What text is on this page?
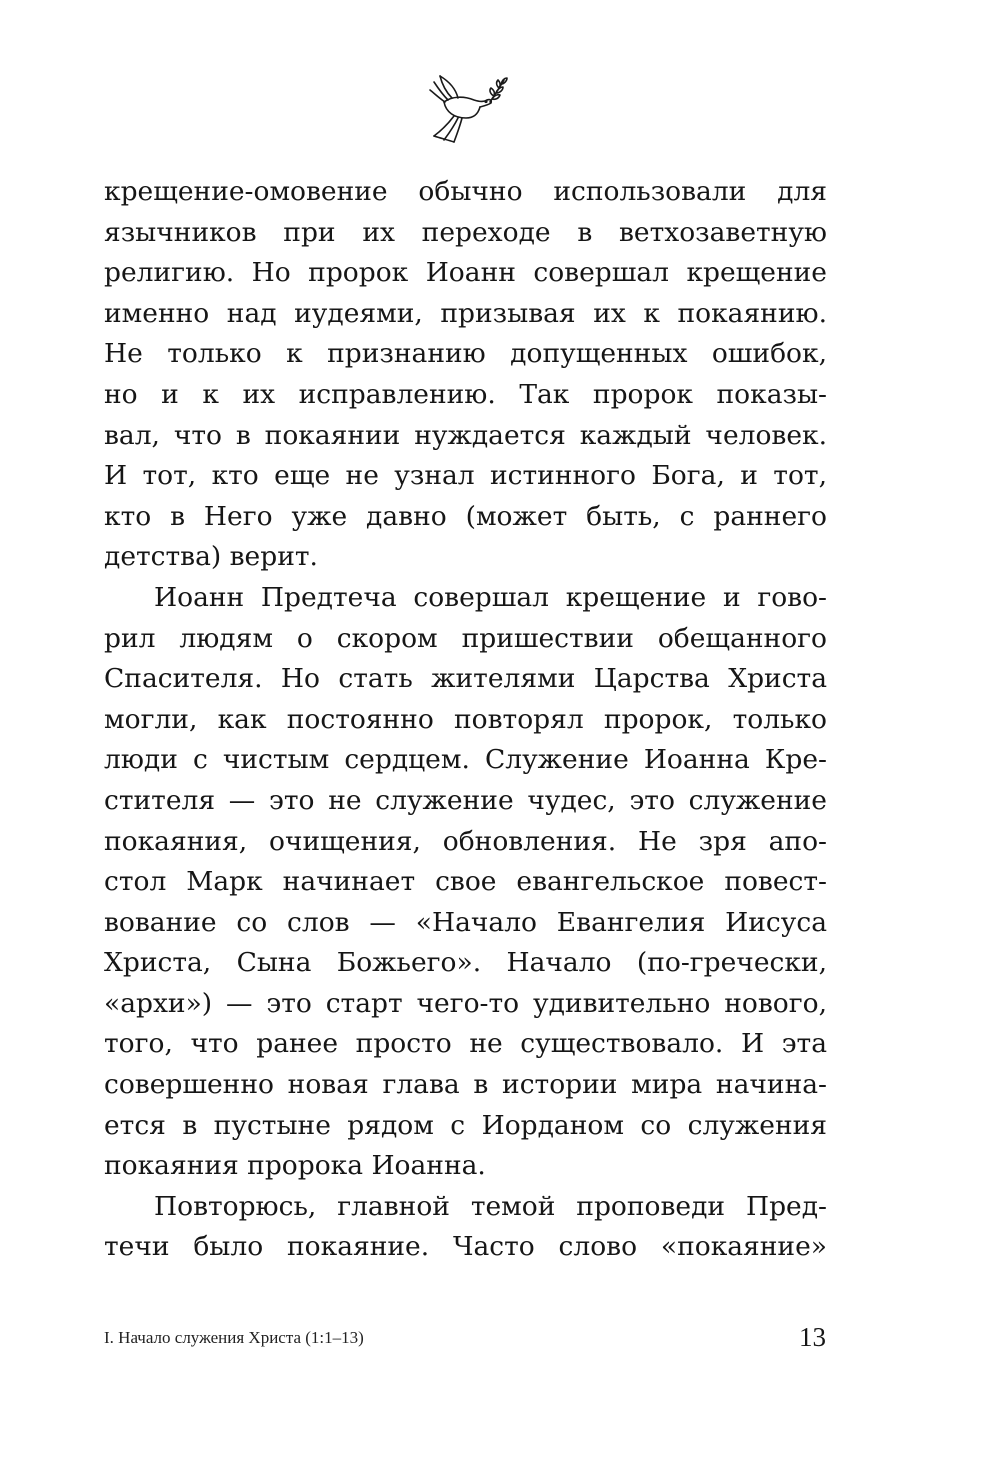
крещение-омовение обычно использовали для
язычников при их переходе в ветхозаветную
религию. Но пророк Иоанн совершал крещение
именно над иудеями, призывая их к покаянию.
Не только к признанию допущенных ошибок,
но и к их исправлению. Так пророк показы-
вал, что в покаянии нуждается каждый человек.
И тот, кто еще не узнал истинного Бога, и тот,
кто в Него уже давно (может быть, с раннего
детства) верит.
Иоанн Предтеча совершал крещение и гово-
рил людям о скором пришествии обещанного
Спасителя. Но стать жителями Царства Христа
могли, как постоянно повторял пророк, только
люди с чистым сердцем. Служение Иоанна Кре-
стителя — это не служение чудес, это служение
покаяния, очищения, обновления. Не зря апо-
стол Марк начинает свое евангельское повест-
вование со слов — «Начало Евангелия Иисуса
Христа, Сына Божьего». Начало (по-гречески,
«архи») — это старт чего-то удивительно нового,
того, что ранее просто не существовало. И эта
совершенно новая глава в истории мира начина-
ется в пустыне рядом с Иорданом со служения
покаяния пророка Иоанна.
Повторюсь, главной темой проповеди Пред-
течи было покаяние. Часто слово «покаяние»
I. Начало служения Христа (1:1–13)	13
